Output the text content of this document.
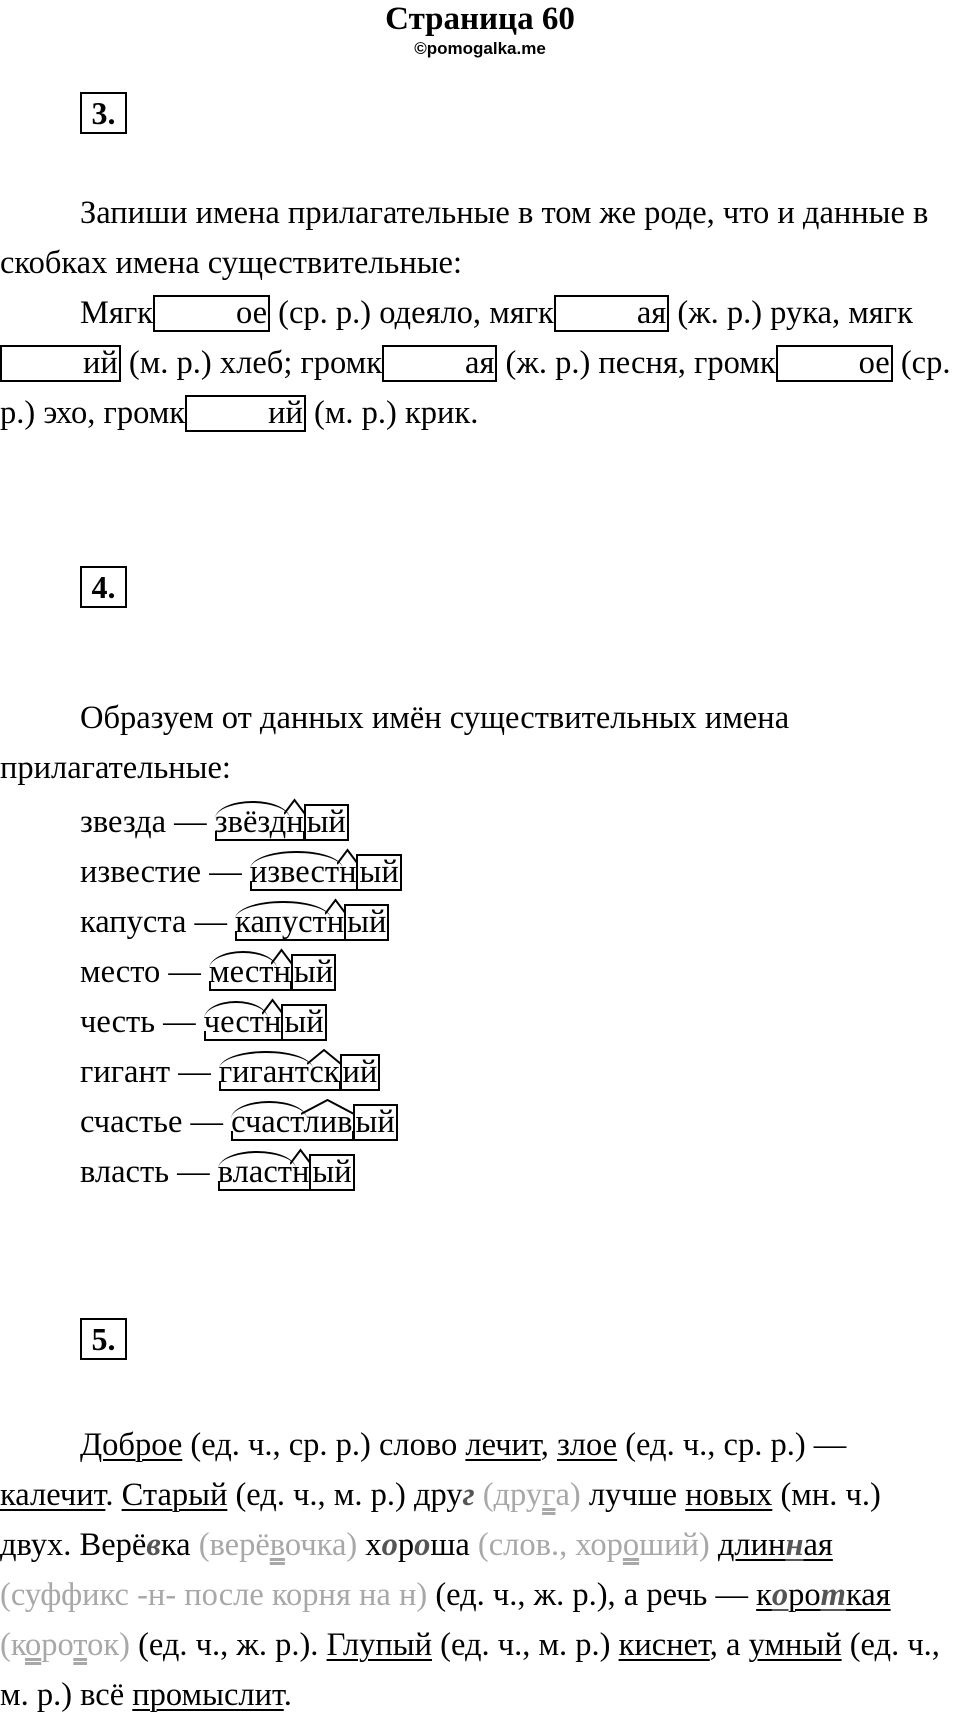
Страница 60
©pomogalka.me
3.

Запиши имена прилагательные в том же роде, что и данные в скобках имена существительные:

Мягк	ое (ср. р.) одеяло, мягк	ая (ж. р.) рука, мягкий (м. р.) хлеб; громк	ая (ж. р.) песня, громк	ое (ср. р.) эхо, громк	ий (м. р.) крик.

4.

Образуем от данных имён существительных имена прилагательные:

звезда — звёздный
известие — известный
капуста — капустный
место — местный
честь — честный
гигант — гигантский
счастье — счастливый
власть — властный
5.

Доброе (ед. ч., ср. р.) слово лечит, злое (ед. ч., ср. р.) — калечит. Старый (ед. ч., м. р.) друг (друга) лучше новых (мн. ч.) двух. Верёвка (верёвочка) хороша (слов., хороший) длинная (суффикс -н- после корня на н) (ед. ч., ж. р.), а речь — короткая (короток) (ед. ч., ж. р.). Глупый (ед. ч., м. р.) киснет, а умный (ед. ч., м. р.) всё промыслит.
